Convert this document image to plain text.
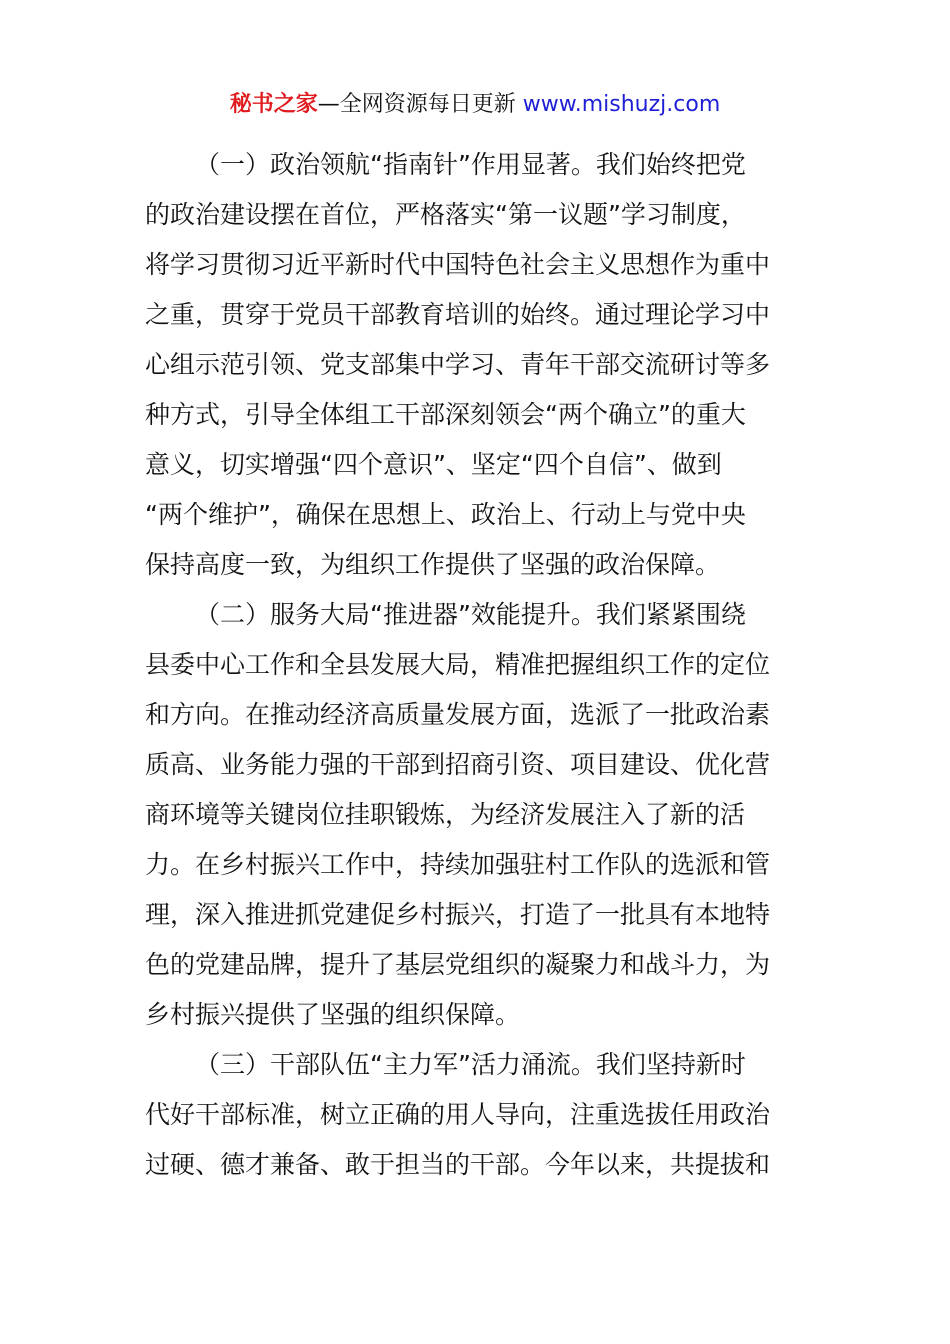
秘书之家—全网资源每日更新 www.mishuzj.com
（一）政治领航“指南针”作用显著。我们始终把党
的政治建设摆在首位，严格落实“第一议题”学习制度，
将学习贯彻习近平新时代中国特色社会主义思想作为重中
之重，贯穿于党员干部教育培训的始终。通过理论学习中
心组示范引领、党支部集中学习、青年干部交流研讨等多
种方式，引导全体组工干部深刻领会“两个确立”的重大
意义，切实增强“四个意识”、坚定“四个自信”、做到
“两个维护”，确保在思想上、政治上、行动上与党中央
保持高度一致，为组织工作提供了坚强的政治保障。
（二）服务大局“推进器”效能提升。我们紧紧围绕
县委中心工作和全县发展大局，精准把握组织工作的定位
和方向。在推动经济高质量发展方面，选派了一批政治素
质高、业务能力强的干部到招商引资、项目建设、优化营
商环境等关键岗位挂职锻炼，为经济发展注入了新的活
力。在乡村振兴工作中，持续加强驻村工作队的选派和管
理，深入推进抓党建促乡村振兴，打造了一批具有本地特
色的党建品牌，提升了基层党组织的凝聚力和战斗力，为
乡村振兴提供了坚强的组织保障。
（三）干部队伍“主力军”活力涌流。我们坚持新时
代好干部标准，树立正确的用人导向，注重选拔任用政治
过硬、德才兼备、敢于担当的干部。今年以来，共提拔和
